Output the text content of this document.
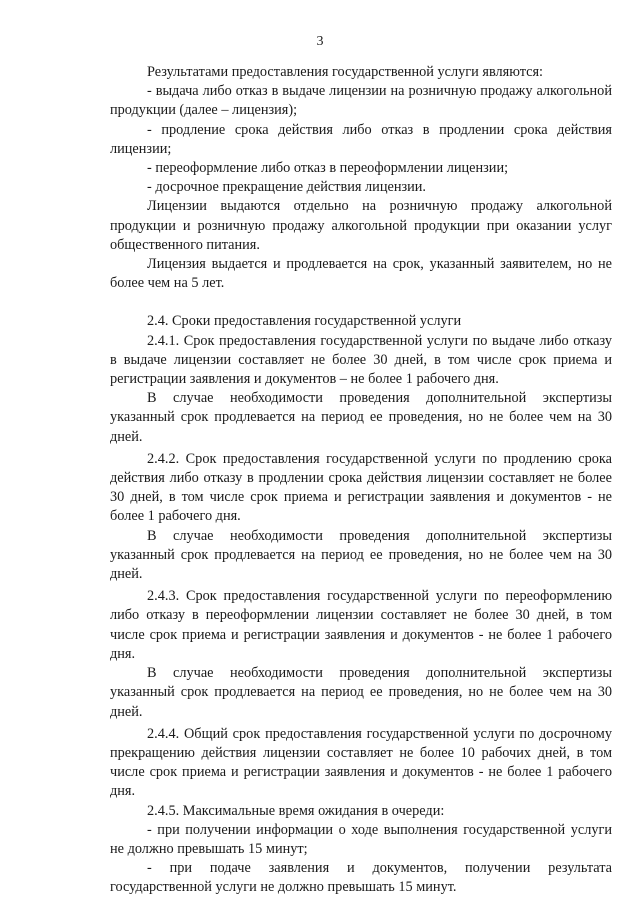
3

Результатами предоставления государственной услуги являются:

- выдача либо отказ в выдаче лицензии на розничную продажу алкогольной продукции (далее – лицензия);

- продление срока действия либо отказ в продлении срока действия лицензии;

- переоформление либо отказ в переоформлении лицензии;

- досрочное прекращение действия лицензии.

Лицензии выдаются отдельно на розничную продажу алкогольной продукции и розничную продажу алкогольной продукции при оказании услуг общественного питания.

Лицензия выдается и продлевается на срок, указанный заявителем, но не более чем на 5 лет.

2.4. Сроки предоставления государственной услуги

2.4.1. Срок предоставления государственной услуги по выдаче либо отказу в выдаче лицензии составляет не более 30 дней, в том числе срок приема и регистрации заявления и документов – не более 1 рабочего дня.

В случае необходимости проведения дополнительной экспертизы указанный срок продлевается на период ее проведения, но не более чем на 30 дней.

2.4.2. Срок предоставления государственной услуги по продлению срока действия либо отказу в продлении срока действия лицензии составляет не более 30 дней, в том числе срок приема и регистрации заявления и документов - не более 1 рабочего дня.

В случае необходимости проведения дополнительной экспертизы указанный срок продлевается на период ее проведения, но не более чем на 30 дней.

2.4.3. Срок предоставления государственной услуги по переоформлению либо отказу в переоформлении лицензии составляет не более 30 дней, в том числе срок приема и регистрации заявления и документов - не более 1 рабочего дня.

В случае необходимости проведения дополнительной экспертизы указанный срок продлевается на период ее проведения, но не более чем на 30 дней.

2.4.4. Общий срок предоставления государственной услуги по досрочному прекращению действия лицензии составляет не более 10 рабочих дней, в том числе срок приема и регистрации заявления и документов - не более 1 рабочего дня.

2.4.5. Максимальные время ожидания в очереди:

- при получении информации о ходе выполнения государственной услуги не должно превышать 15 минут;

- при подаче заявления и документов, получении результата государственной услуги не должно превышать 15 минут.
